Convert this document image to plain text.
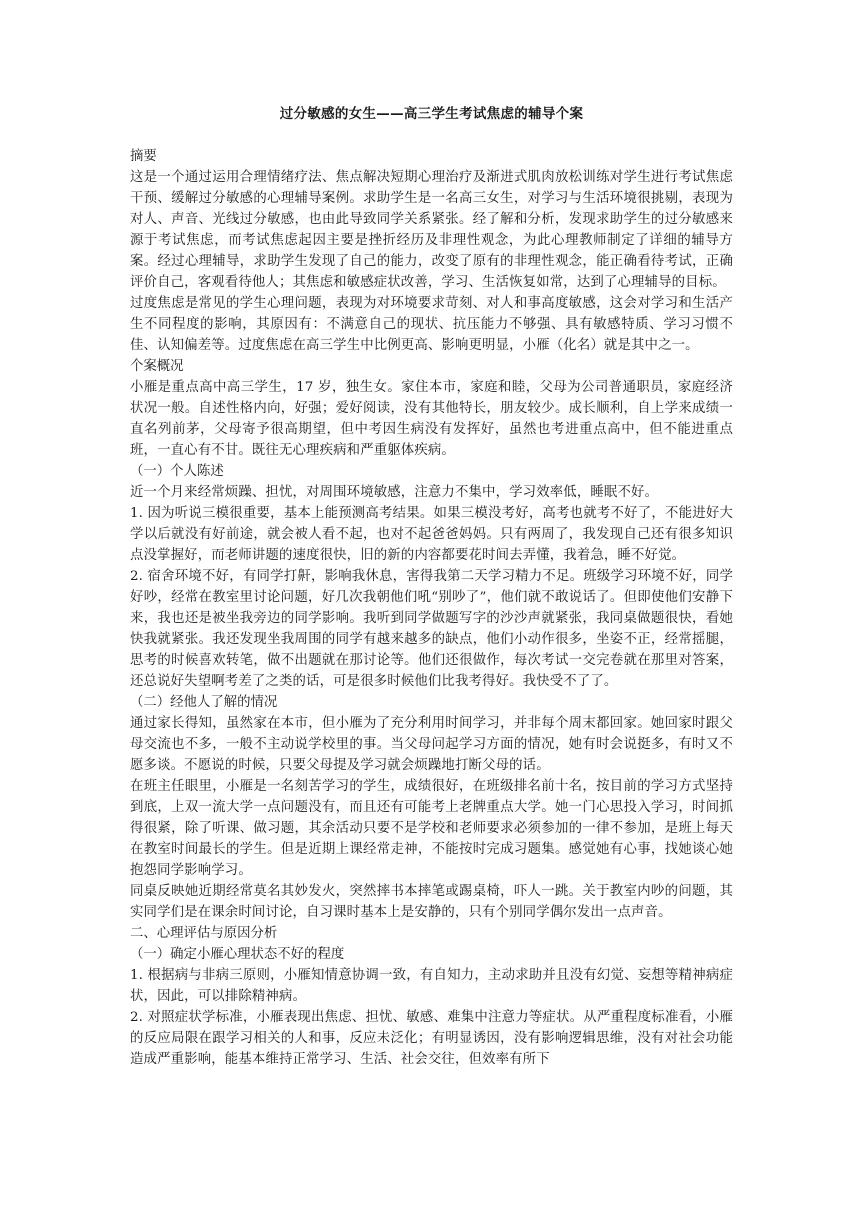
过分敏感的女生——高三学生考试焦虑的辅导个案
摘要
这是一个通过运用合理情绪疗法、焦点解决短期心理治疗及渐进式肌肉放松训练对学生进行考试焦虑干预、缓解过分敏感的心理辅导案例。求助学生是一名高三女生，对学习与生活环境很挑剔，表现为对人、声音、光线过分敏感，也由此导致同学关系紧张。经了解和分析，发现求助学生的过分敏感来源于考试焦虑，而考试焦虑起因主要是挫折经历及非理性观念，为此心理教师制定了详细的辅导方案。经过心理辅导，求助学生发现了自己的能力，改变了原有的非理性观念，能正确看待考试，正确评价自己，客观看待他人；其焦虑和敏感症状改善，学习、生活恢复如常，达到了心理辅导的目标。
过度焦虑是常见的学生心理问题，表现为对环境要求苛刻、对人和事高度敏感，这会对学习和生活产生不同程度的影响，其原因有：不满意自己的现状、抗压能力不够强、具有敏感特质、学习习惯不佳、认知偏差等。过度焦虑在高三学生中比例更高、影响更明显，小雁（化名）就是其中之一。
个案概况
小雁是重点高中高三学生，17 岁，独生女。家住本市，家庭和睦，父母为公司普通职员，家庭经济状况一般。自述性格内向，好强；爱好阅读，没有其他特长，朋友较少。成长顺利，自上学来成绩一直名列前茅，父母寄予很高期望，但中考因生病没有发挥好，虽然也考进重点高中，但不能进重点班，一直心有不甘。既往无心理疾病和严重躯体疾病。
（一）个人陈述
近一个月来经常烦躁、担忧，对周围环境敏感，注意力不集中，学习效率低，睡眠不好。
1. 因为听说三模很重要，基本上能预测高考结果。如果三模没考好，高考也就考不好了，不能进好大学以后就没有好前途，就会被人看不起，也对不起爸爸妈妈。只有两周了，我发现自己还有很多知识点没掌握好，而老师讲题的速度很快，旧的新的内容都要花时间去弄懂，我着急，睡不好觉。
2. 宿舍环境不好，有同学打鼾，影响我休息，害得我第二天学习精力不足。班级学习环境不好，同学好吵，经常在教室里讨论问题，好几次我朝他们吼“别吵了”，他们就不敢说话了。但即使他们安静下来，我也还是被坐我旁边的同学影响。我听到同学做题写字的沙沙声就紧张，我同桌做题很快，看她快我就紧张。我还发现坐我周围的同学有越来越多的缺点，他们小动作很多，坐姿不正，经常摇腿，思考的时候喜欢转笔，做不出题就在那讨论等。他们还很做作，每次考试一交完卷就在那里对答案，还总说好失望啊考差了之类的话，可是很多时候他们比我考得好。我快受不了了。
（二）经他人了解的情况
通过家长得知，虽然家在本市，但小雁为了充分利用时间学习，并非每个周末都回家。她回家时跟父母交流也不多，一般不主动说学校里的事。当父母问起学习方面的情况，她有时会说挺多，有时又不愿多谈。不愿说的时候，只要父母提及学习就会烦躁地打断父母的话。
在班主任眼里，小雁是一名刻苦学习的学生，成绩很好，在班级排名前十名，按目前的学习方式坚持到底，上双一流大学一点问题没有，而且还有可能考上老牌重点大学。她一门心思投入学习，时间抓得很紧，除了听课、做习题，其余活动只要不是学校和老师要求必须参加的一律不参加，是班上每天在教室时间最长的学生。但是近期上课经常走神，不能按时完成习题集。感觉她有心事，找她谈心她抱怨同学影响学习。
同桌反映她近期经常莫名其妙发火，突然摔书本摔笔或踢桌椅，吓人一跳。关于教室内吵的问题，其实同学们是在课余时间讨论，自习课时基本上是安静的，只有个别同学偶尔发出一点声音。
二、心理评估与原因分析
（一）确定小雁心理状态不好的程度
1. 根据病与非病三原则，小雁知情意协调一致，有自知力，主动求助并且没有幻觉、妄想等精神病症状，因此，可以排除精神病。
2. 对照症状学标准，小雁表现出焦虑、担忧、敏感、难集中注意力等症状。从严重程度标准看，小雁的反应局限在跟学习相关的人和事，反应未泛化；有明显诱因，没有影响逻辑思维，没有对社会功能造成严重影响，能基本维持正常学习、生活、社会交往，但效率有所下
